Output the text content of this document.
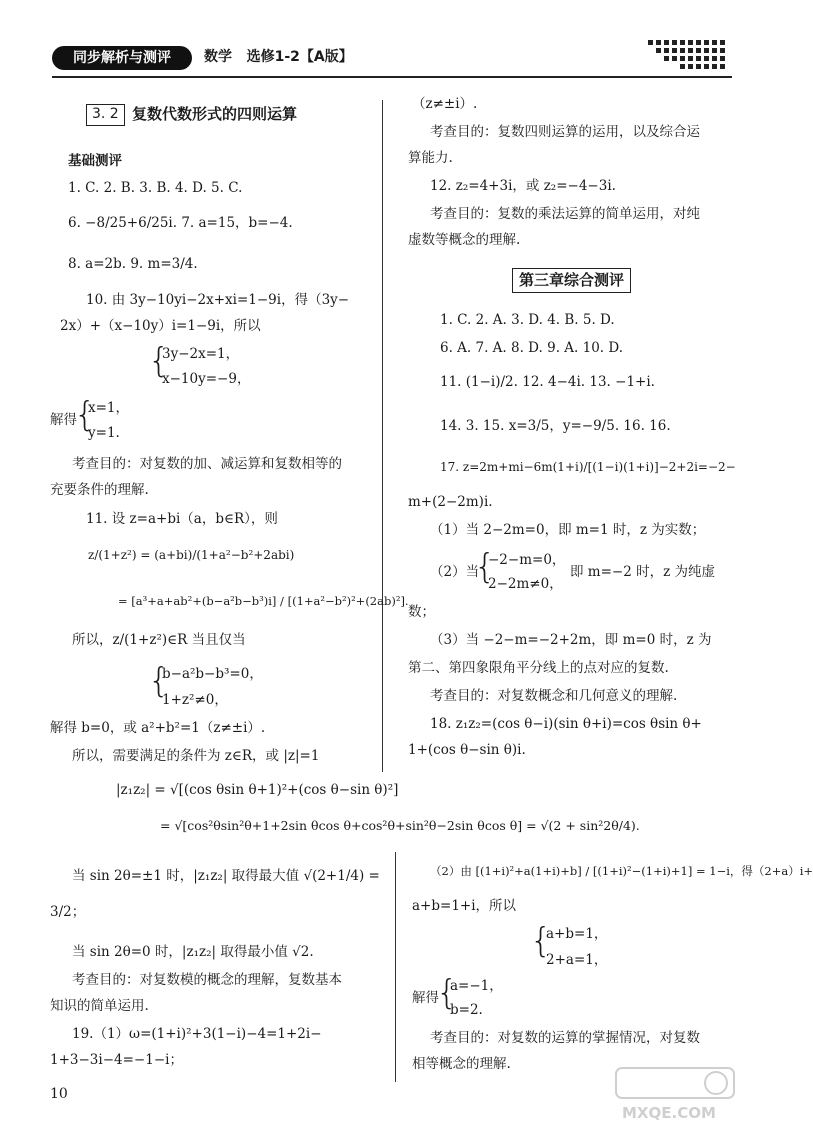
同步解析与测评	数学 选修1-2【A版】
3. 2 复数代数形式的四则运算
基础测评
1. C. 2. B. 3. B. 4. D. 5. C.
6. −8/25+6/25i. 7. a=15，b=−4.
8. a=2b. 9. m=3/4.
10. 由 3y−10yi−2x+xi=1−9i，得（3y−
2x）+（x−10y）i=1−9i，所以
{
3y−2x=1，
x−10y=−9，
解得
{
x=1，
y=1.
考查目的：对复数的加、减运算和复数相等的
充要条件的理解.
11. 设 z=a+bi（a，b∈R），则
z/(1+z²) = (a+bi)/(1+a²−b²+2abi)
= [a³+a+ab²+(b−a²b−b³)i] / [(1+a²−b²)²+(2ab)²].
所以，z/(1+z²)∈R 当且仅当
{
b−a²b−b³=0，
1+z²≠0，
解得 b=0，或 a²+b²=1（z≠±i）.
所以，需要满足的条件为 z∈R，或 |z|=1
（z≠±i）.
考查目的：复数四则运算的运用，以及综合运
算能力.
12. z₂=4+3i，或 z₂=−4−3i.
考查目的：复数的乘法运算的简单运用，对纯
虚数等概念的理解.
第三章综合测评
1. C. 2. A. 3. D. 4. B. 5. D.
6. A. 7. A. 8. D. 9. A. 10. D.
11. (1−i)/2. 12. 4−4i. 13. −1+i.
14. 3. 15. x=3/5，y=−9/5. 16. 16.
17. z=2m+mi−6m(1+i)/[(1−i)(1+i)]−2+2i=−2−
m+(2−2m)i.
（1）当 2−2m=0，即 m=1 时，z 为实数；
（2）当
{
−2−m=0，
2−2m≠0，
即 m=−2 时，z 为纯虚
数；
（3）当 −2−m=−2+2m，即 m=0 时，z 为
第二、第四象限角平分线上的点对应的复数.
考查目的：对复数概念和几何意义的理解.
18. z₁z₂=(cos θ−i)(sin θ+i)=cos θsin θ+
1+(cos θ−sin θ)i.
|z₁z₂| = √[(cos θsin θ+1)²+(cos θ−sin θ)²]
= √[cos²θsin²θ+1+2sin θcos θ+cos²θ+sin²θ−2sin θcos θ] = √(2 + sin²2θ/4).
当 sin 2θ=±1 时，|z₁z₂| 取得最大值 √(2+1/4) =
3/2；
当 sin 2θ=0 时，|z₁z₂| 取得最小值 √2.
考查目的：对复数模的概念的理解，复数基本
知识的简单运用.
19.（1）ω=(1+i)²+3(1−i)−4=1+2i−
1+3−3i−4=−1−i；
（2）由 [(1+i)²+a(1+i)+b] / [(1+i)²−(1+i)+1] = 1−i，得（2+a）i+
a+b=1+i，所以
{
a+b=1，
2+a=1，
解得
{
a=−1，
b=2.
考查目的：对复数的运算的掌握情况，对复数
相等概念的理解.
10
MXQE.COM
